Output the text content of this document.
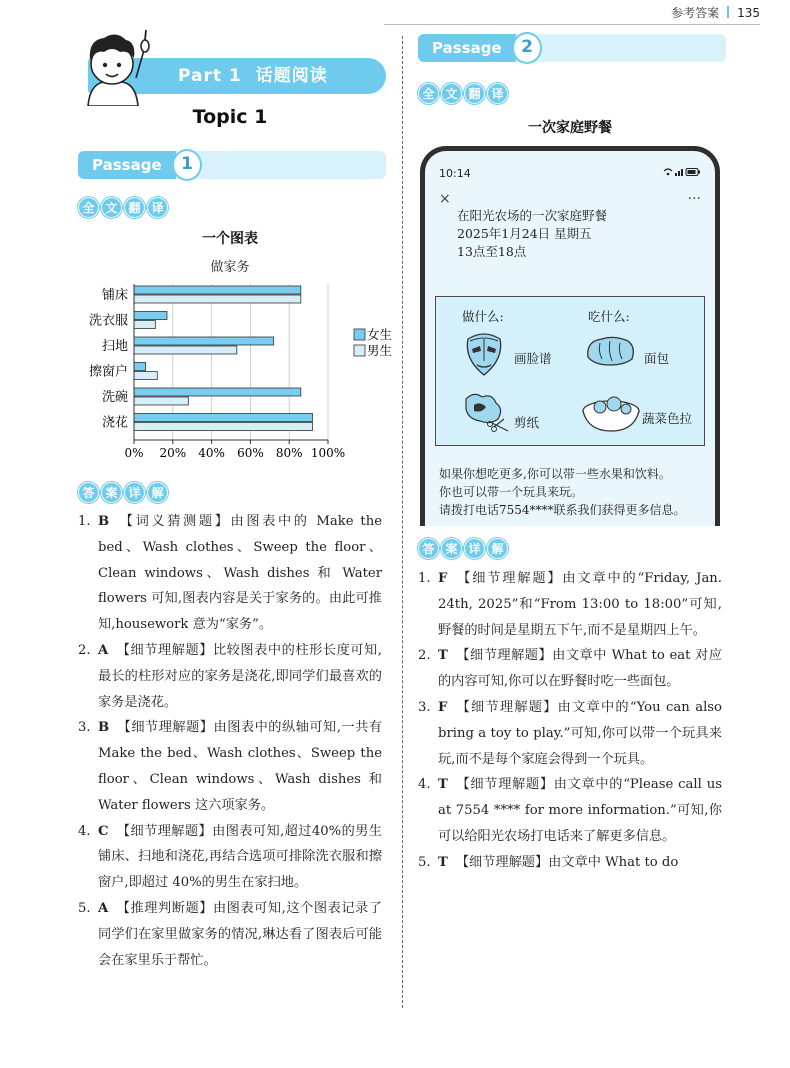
参考答案 135
Part 1 话题阅读
Topic 1
Passage	1
全 文 翻 译
一个图表
做家务
铺床
洗衣服
扫地
擦窗户
洗碗
浇花
0% 20% 40% 60% 80% 100%
女生
男生
答 案 详 解
1. B 【词义猜测题】由图表中的 Make the bed、Wash clothes、Sweep the floor、Clean windows、Wash dishes 和 Water flowers 可知,图表内容是关于家务的。由此可推知,housework 意为“家务”。
2. A 【细节理解题】比较图表中的柱形长度可知,最长的柱形对应的家务是浇花,即同学们最喜欢的家务是浇花。
3. B 【细节理解题】由图表中的纵轴可知,一共有 Make the bed、Wash clothes、Sweep the floor、Clean windows、Wash dishes 和 Water flowers 这六项家务。
4. C 【细节理解题】由图表可知,超过40%的男生铺床、扫地和浇花,再结合选项可排除洗衣服和擦窗户,即超过 40%的男生在家扫地。
5. A 【推理判断题】由图表可知,这个图表记录了同学们在家里做家务的情况,琳达看了图表后可能会在家里乐于帮忙。
Passage	2
全 文 翻 译
一次家庭野餐
10:14
×	···
在阳光农场的一次家庭野餐
2025年1月24日 星期五
13点至18点
做什么:	吃什么:
画脸谱	面包
剪纸	蔬菜色拉
如果你想吃更多,你可以带一些水果和饮料。
你也可以带一个玩具来玩。
请拨打电话7554****联系我们获得更多信息。
答 案 详 解
1. F 【细节理解题】由文章中的“Friday, Jan. 24th, 2025”和“From 13:00 to 18:00”可知,野餐的时间是星期五下午,而不是星期四上午。
2. T 【细节理解题】由文章中 What to eat 对应的内容可知,你可以在野餐时吃一些面包。
3. F 【细节理解题】由文章中的“You can also bring a toy to play.”可知,你可以带一个玩具来玩,而不是每个家庭会得到一个玩具。
4. T 【细节理解题】由文章中的“Please call us at 7554 **** for more information.”可知,你可以给阳光农场打电话来了解更多信息。
5. T 【细节理解题】由文章中 What to do
